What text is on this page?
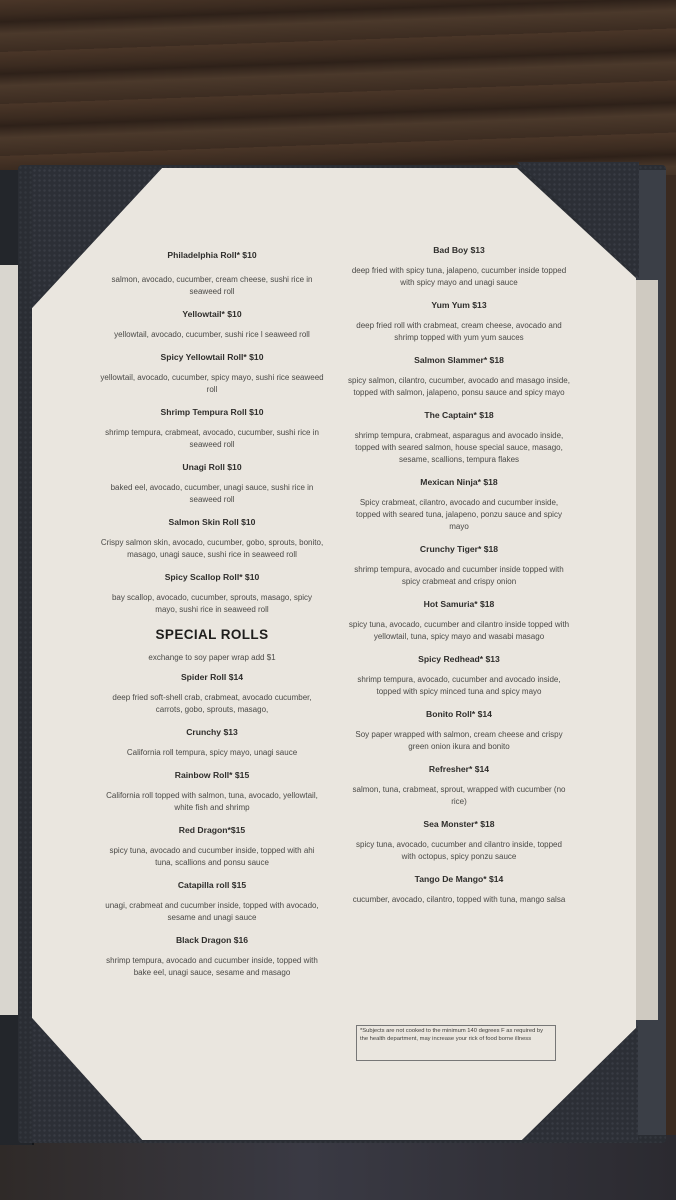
Philadelphia Roll* $10
salmon, avocado, cucumber, cream cheese, sushi rice in seaweed roll
Yellowtail* $10
yellowtail, avocado, cucumber, sushi rice l seaweed roll
Spicy Yellowtail Roll* $10
yellowtail, avocado, cucumber, spicy mayo, sushi rice seaweed roll
Shrimp Tempura Roll $10
shrimp tempura, crabmeat, avocado, cucumber, sushi rice in seaweed roll
Unagi Roll $10
baked eel, avocado, cucumber, unagi sauce, sushi rice in seaweed roll
Salmon Skin Roll $10
Crispy salmon skin, avocado, cucumber, gobo, sprouts, bonito, masago, unagi sauce, sushi rice in seaweed roll
Spicy Scallop Roll* $10
bay scallop, avocado, cucumber, sprouts, masago, spicy mayo, sushi rice in seaweed roll
SPECIAL ROLLS
exchange to soy paper wrap add $1
Spider Roll $14
deep fried soft-shell crab, crabmeat, avocado cucumber, carrots, gobo, sprouts, masago,
Crunchy $13
California roll tempura, spicy mayo, unagi sauce
Rainbow Roll* $15
California roll topped with salmon, tuna, avocado, yellowtail, white fish and shrimp
Red Dragon*$15
spicy tuna, avocado and cucumber inside, topped with ahi tuna, scallions and ponsu sauce
Catapilla roll $15
unagi, crabmeat and cucumber inside, topped with avocado, sesame and unagi sauce
Black Dragon $16
shrimp tempura, avocado and cucumber inside, topped with bake eel, unagi sauce, sesame and masago
Bad Boy $13
deep fried with spicy tuna, jalapeno, cucumber inside topped with spicy mayo and unagi sauce
Yum Yum $13
deep fried roll with crabmeat, cream cheese, avocado and shrimp topped with yum yum sauces
Salmon Slammer* $18
spicy salmon, cilantro, cucumber, avocado and masago inside, topped with salmon, jalapeno, ponsu sauce and spicy mayo
The Captain* $18
shrimp tempura, crabmeat, asparagus and avocado inside, topped with seared salmon, house special sauce, masago, sesame, scallions, tempura flakes
Mexican Ninja* $18
Spicy crabmeat, cilantro, avocado and cucumber inside, topped with seared tuna, jalapeno, ponzu sauce and spicy mayo
Crunchy Tiger* $18
shrimp tempura, avocado and cucumber inside topped with spicy crabmeat and crispy onion
Hot Samuria* $18
spicy tuna, avocado, cucumber and cilantro inside topped with yellowtail, tuna, spicy mayo and wasabi masago
Spicy Redhead* $13
shrimp tempura, avocado, cucumber and avocado inside, topped with spicy minced tuna and spicy mayo
Bonito Roll* $14
Soy paper wrapped with salmon, cream cheese and crispy green onion ikura and bonito
Refresher* $14
salmon, tuna, crabmeat, sprout, wrapped with cucumber (no rice)
Sea Monster* $18
spicy tuna, avocado, cucumber and cilantro inside, topped with octopus, spicy ponzu sauce
Tango De Mango* $14
cucumber, avocado, cilantro, topped with tuna, mango salsa
*Subjects are not cooked to the minimum 140 degrees F as required by the health department, may increase your rick of food borne illness
